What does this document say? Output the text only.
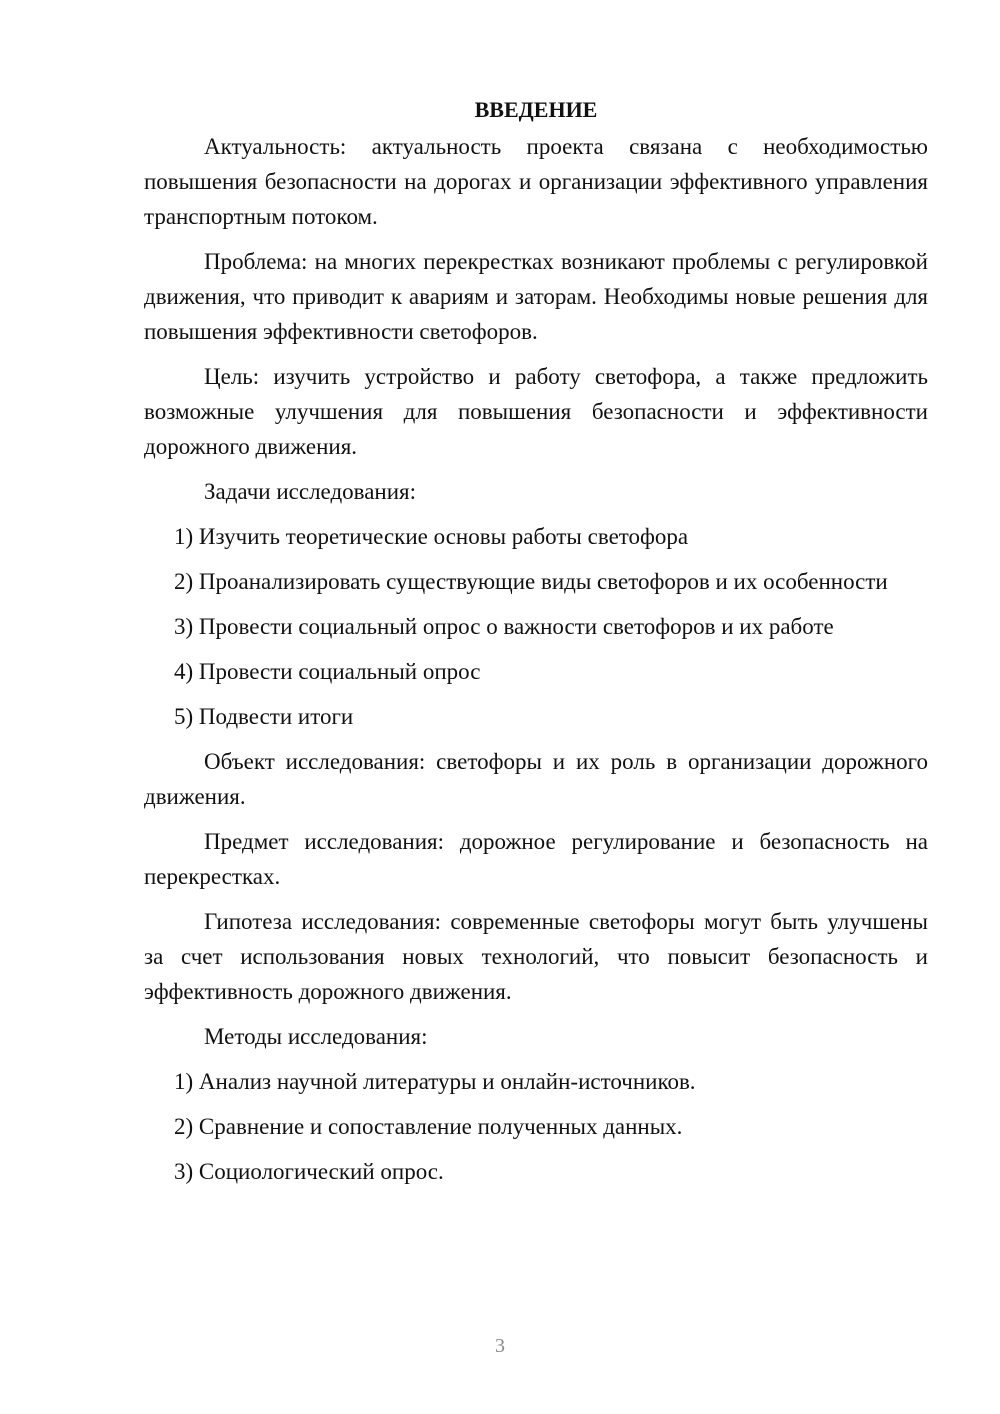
ВВЕДЕНИЕ

Актуальность: актуальность проекта связана с необходимостью повышения безопасности на дорогах и организации эффективного управления транспортным потоком.

Проблема: на многих перекрестках возникают проблемы с регулировкой движения, что приводит к авариям и заторам. Необходимы новые решения для повышения эффективности светофоров.

Цель: изучить устройство и работу светофора, а также предложить возможные улучшения для повышения безопасности и эффективности дорожного движения.

Задачи исследования:

1) Изучить теоретические основы работы светофора

2) Проанализировать существующие виды светофоров и их особенности

3) Провести социальный опрос о важности светофоров и их работе

4) Провести социальный опрос

5) Подвести итоги

Объект исследования: светофоры и их роль в организации дорожного движения.

Предмет исследования: дорожное регулирование и безопасность на перекрестках.

Гипотеза исследования: современные светофоры могут быть улучшены за счет использования новых технологий, что повысит безопасность и эффективность дорожного движения.

Методы исследования:

1) Анализ научной литературы и онлайн-источников.

2) Сравнение и сопоставление полученных данных.

3) Социологический опрос.

3
